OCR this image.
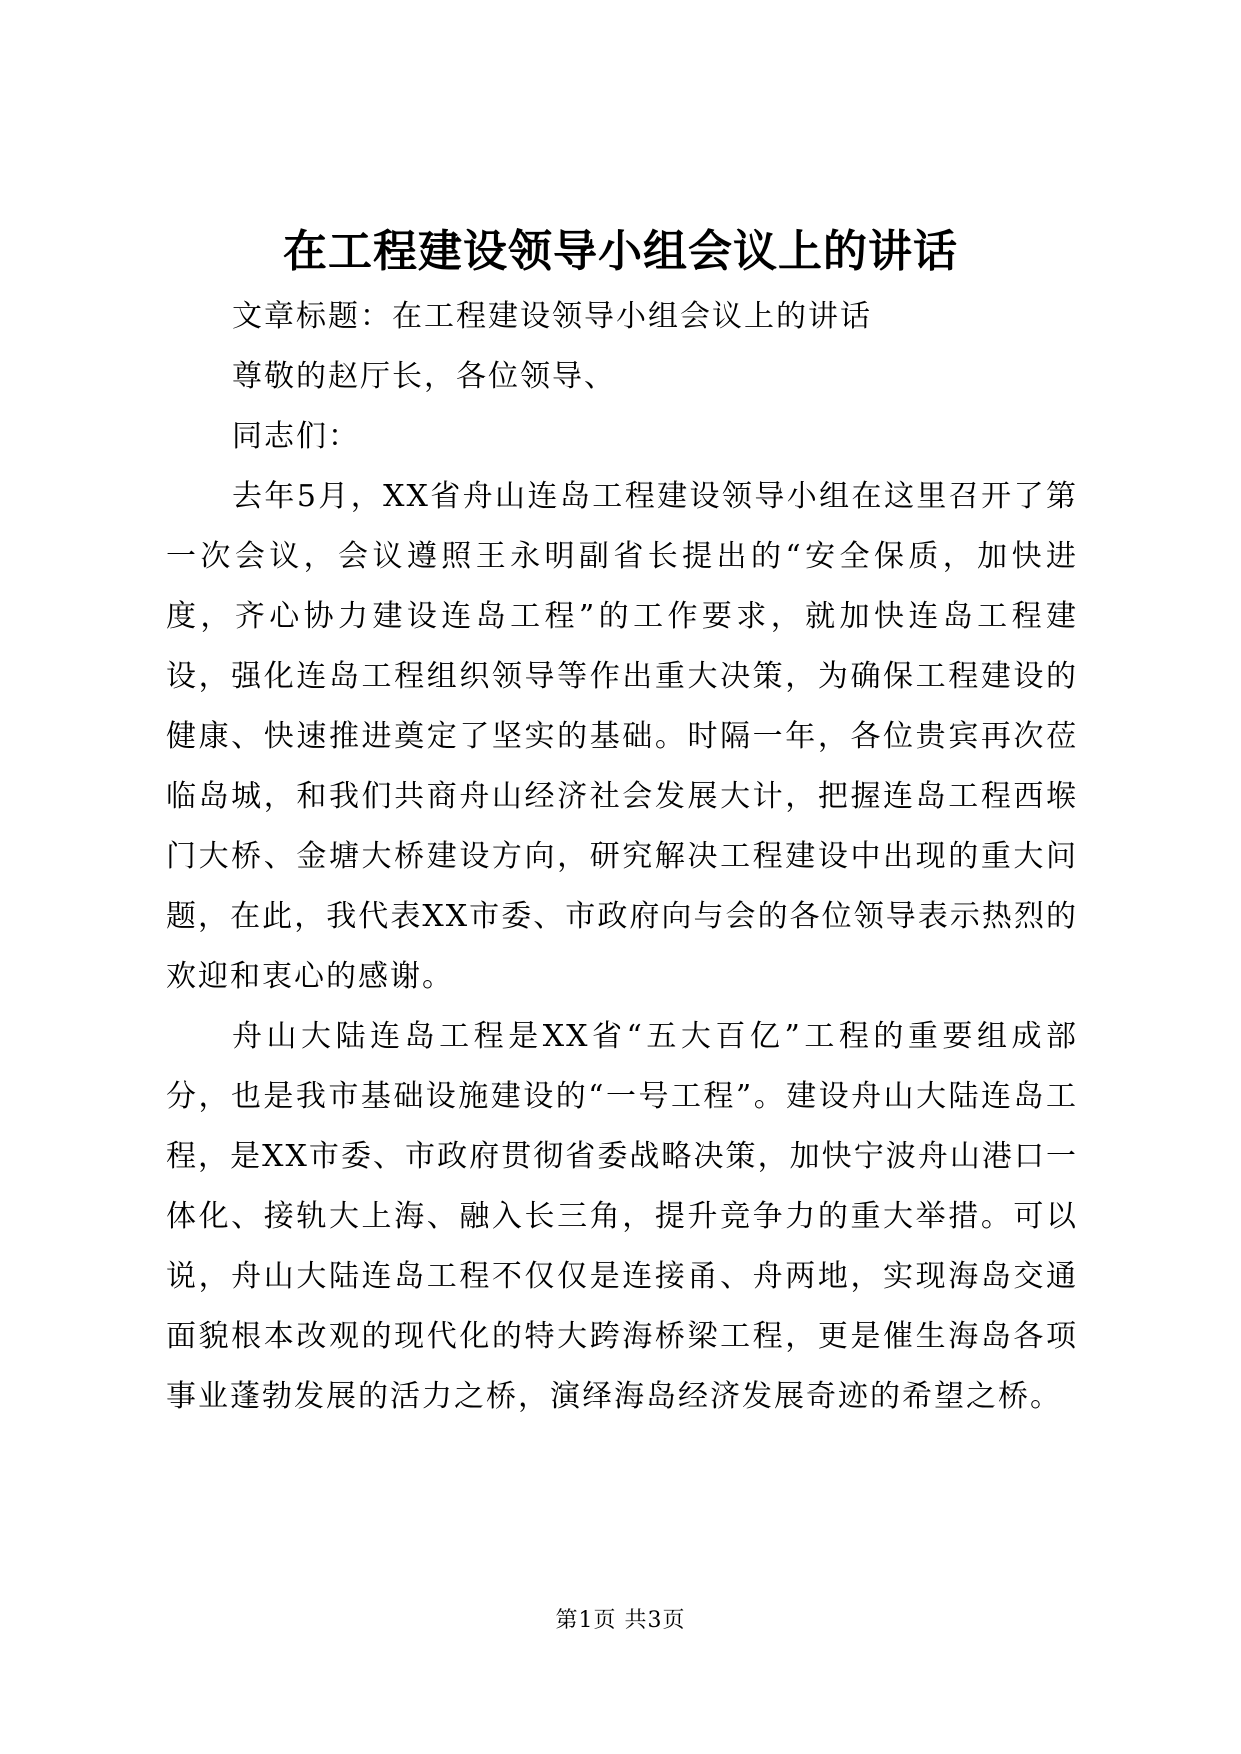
在工程建设领导小组会议上的讲话

文章标题：在工程建设领导小组会议上的讲话

尊敬的赵厅长，各位领导、

同志们：

去年5月，XX省舟山连岛工程建设领导小组在这里召开了第一次会议，会议遵照王永明副省长提出的“安全保质，加快进度，齐心协力建设连岛工程”的工作要求，就加快连岛工程建设，强化连岛工程组织领导等作出重大决策，为确保工程建设的健康、快速推进奠定了坚实的基础。时隔一年，各位贵宾再次莅临岛城，和我们共商舟山经济社会发展大计，把握连岛工程西堠门大桥、金塘大桥建设方向，研究解决工程建设中出现的重大问题，在此，我代表XX市委、市政府向与会的各位领导表示热烈的欢迎和衷心的感谢。

舟山大陆连岛工程是XX省“五大百亿”工程的重要组成部分，也是我市基础设施建设的“一号工程”。建设舟山大陆连岛工程，是XX市委、市政府贯彻省委战略决策，加快宁波舟山港口一体化、接轨大上海、融入长三角，提升竞争力的重大举措。可以说，舟山大陆连岛工程不仅仅是连接甬、舟两地，实现海岛交通面貌根本改观的现代化的特大跨海桥梁工程，更是催生海岛各项事业蓬勃发展的活力之桥，演绎海岛经济发展奇迹的希望之桥。

第1页 共3页
